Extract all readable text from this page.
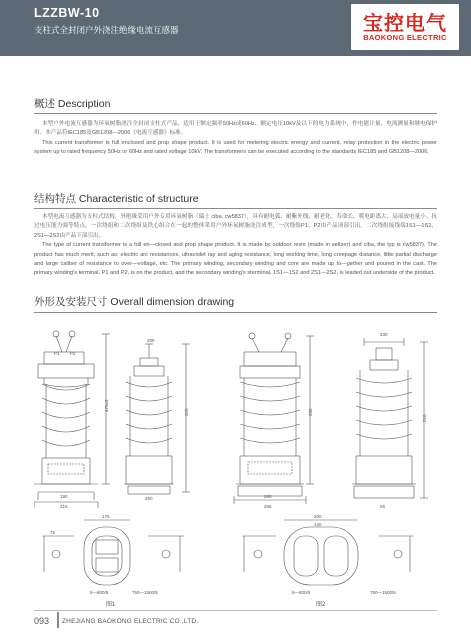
LZZBW-10
支柱式全封闭户外浇注绝缘电流互感器	宝控电气
BAOKONG ELECTRIC
概述 Description

本型户外电流互感器为环氧树脂浇注全封闭支柱式产品，适用于额定频率50Hz或60Hz、额定电压10kV及以下的电力系统中，作电能计量、电流测量和继电保护用。本产品符IEC185及GB1208—2006《电流互感器》标准。

This current transformer is full enclosed and prop shape product. It is used for metering electric energy and current, relay protection in the electric power system up to rated frequency 50Hz or 60Hz and rated voltage 10kV. The transformers can be executed according to the standards IEC185 and GB1208—2006.

结构特点 Characteristic of structure

本型电流互感器为支柱式结构，外绝缘采用户外专用环氧树脂（瑞士 ciba, cw5837），具有耐电弧、耐紫外线、耐老化、寿命长、爬电距离大、局部放电量小、抗过电压能力强等特点。一次绕组和二次绕组及铁心组合在一起的整体采用户外环氧树脂浇注成型，一次绕组P1、P2由产品顶部引出，二次绕组接线端1S1—1S2、2S1—2S2由产品下部引出。

The type of current transformer is a full en—closed and prop shape product. It is made by outdoor resin (made in seltzer) and ciba, the typ is cw5837). The product has much merit, such as: electric arc resistances, ultraviolet ray and aging resistance, long working time, long creepage distance, little partial discharge and large caliber of resistance to over—voltage, etc. The primary winding, secondary winding and core are made up to—gether and poured in the cast. The primary winding's terminal, P1 and P2, is on the product, and the secondary winding's sterminal, 1S1—1S2 and 2S1—2S2, is leaded out underside of the product.

外形及安装尺寸 Overall dimension drawing
190
215
470±5
320
205
250	260
265
280
210
230
65
175	200
140
75
P1 P2
5—800/5	750—1500/5	5—800/5	750—1500/5
图1	图2
093 ZHEJIANG BAOKONG ELECTRIC CO.,LTD.
